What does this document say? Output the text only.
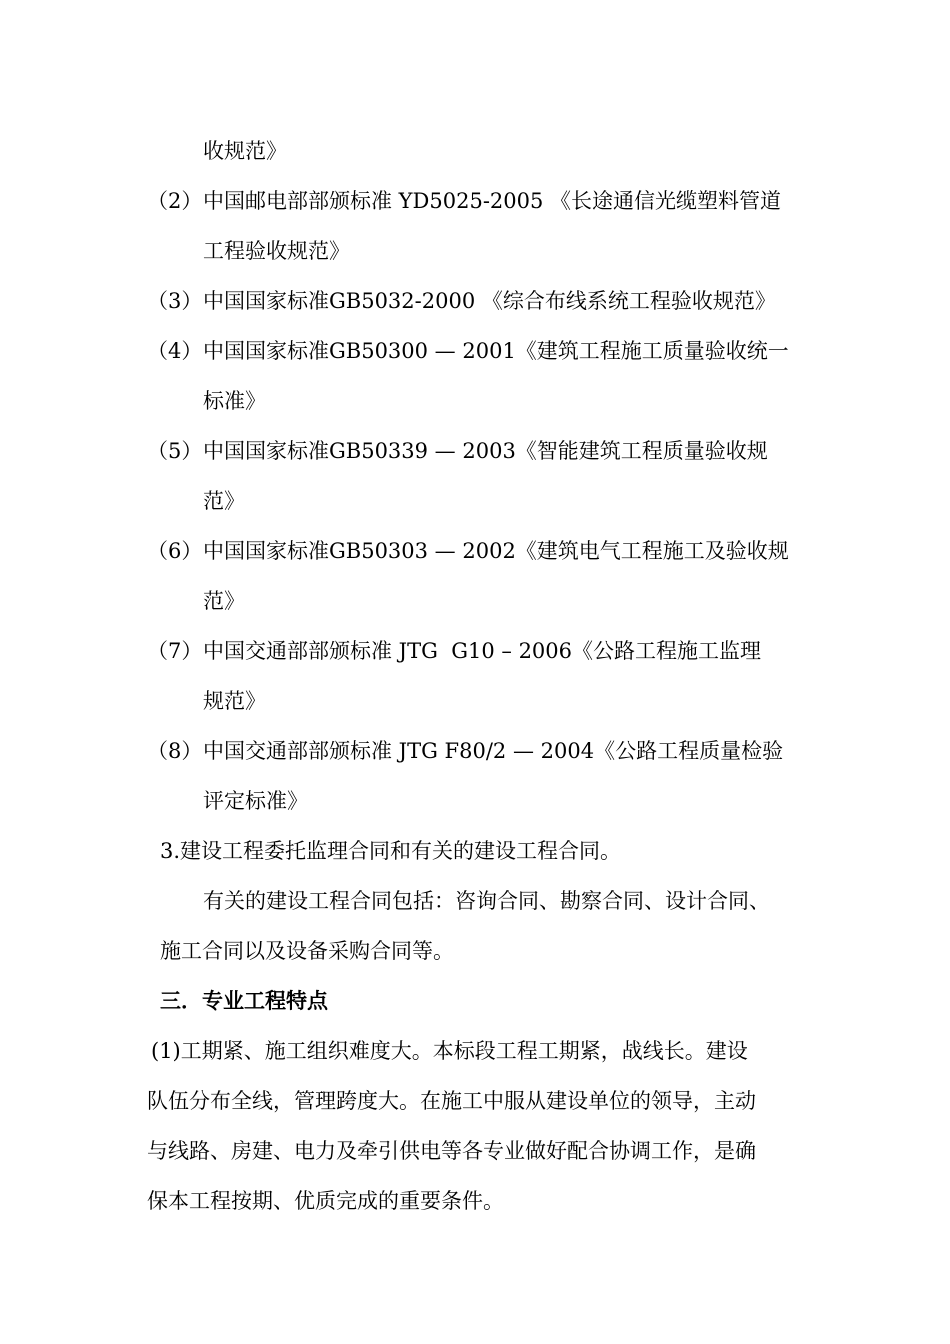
收规范》
（2） 中国邮电部部颁标准 YD5025-2005 《长途通信光缆塑料管道
工程验收规范》
（3） 中国国家标准GB5032-2000 《综合布线系统工程验收规范》
（4） 中国国家标准GB50300 — 2001《建筑工程施工质量验收统一
标准》
（5） 中国国家标准GB50339 — 2003《智能建筑工程质量验收规
范》
（6） 中国国家标准GB50303 — 2002《建筑电气工程施工及验收规
范》
（7） 中国交通部部颁标准 JTG  G10 – 2006《公路工程施工监理
规范》
（8） 中国交通部部颁标准 JTG F80/2 — 2004《公路工程质量检验
评定标准》
3.建设工程委托监理合同和有关的建设工程合同。
有关的建设工程合同包括：咨询合同、勘察合同、设计合同、
施工合同以及设备采购合同等。
三．专业工程特点
(1)工期紧、施工组织难度大。本标段工程工期紧，战线长。建设
队伍分布全线，管理跨度大。在施工中服从建设单位的领导，主动
与线路、房建、电力及牵引供电等各专业做好配合协调工作，是确
保本工程按期、优质完成的重要条件。
